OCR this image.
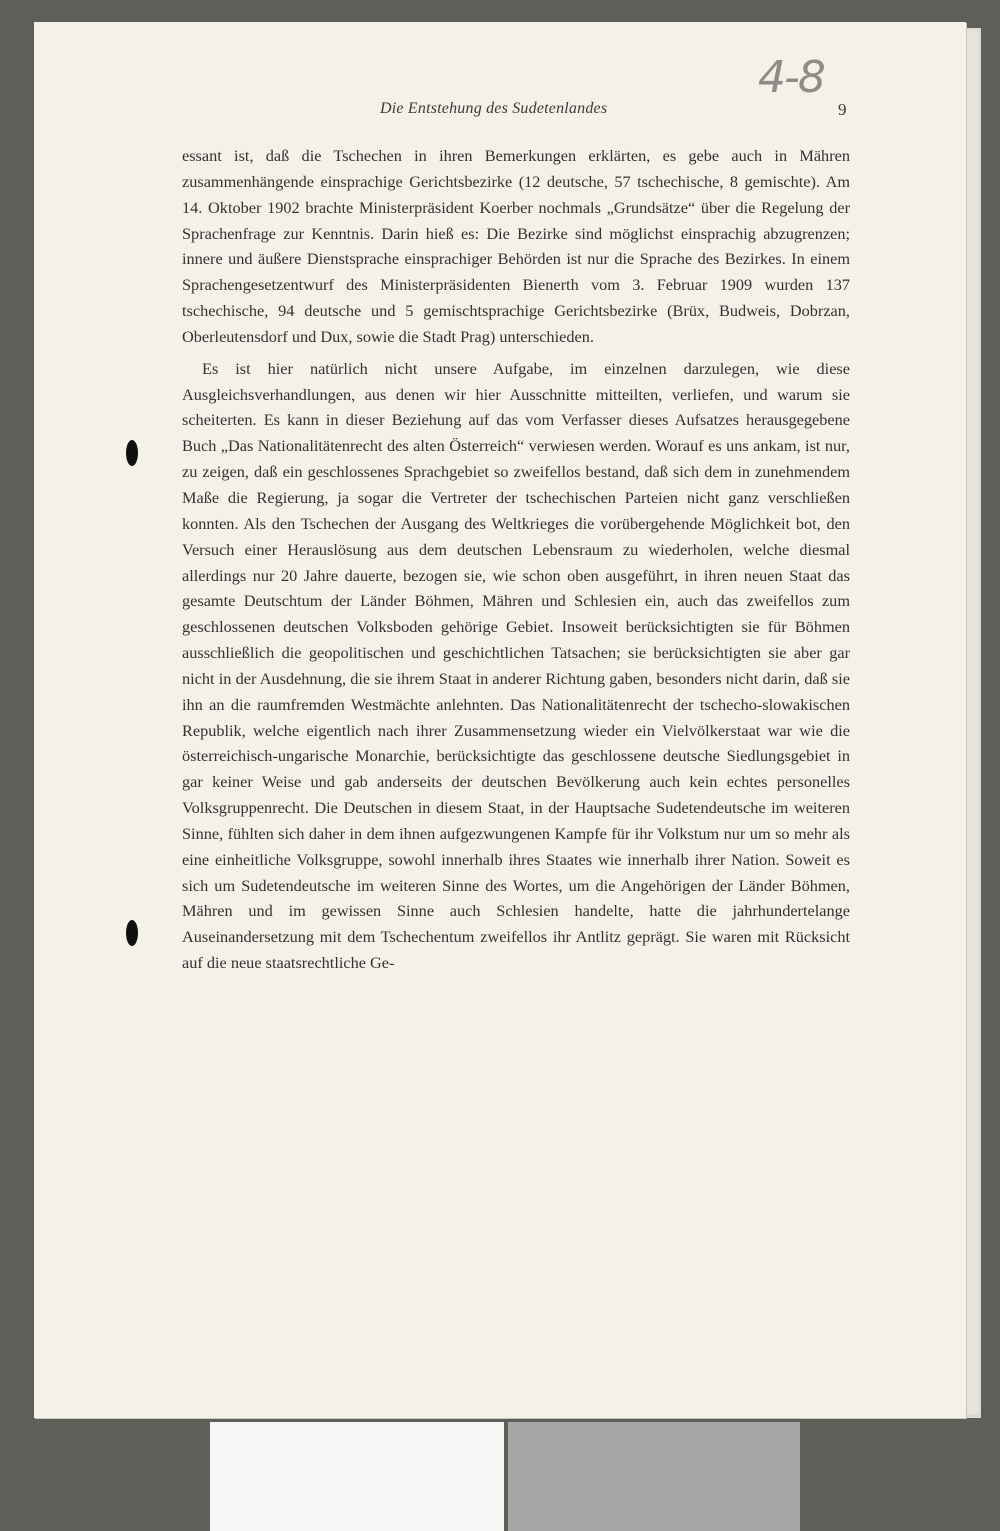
4-8
Die Entstehung des Sudetenlandes	9

essant ist, daß die Tschechen in ihren Bemerkungen erklärten, es gebe auch in Mähren zusammenhängende einsprachige Gerichtsbezirke (12 deutsche, 57 tschechische, 8 gemischte). Am 14. Oktober 1902 brachte Ministerpräsident Koerber nochmals „Grundsätze“ über die Regelung der Sprachenfrage zur Kenntnis. Darin hieß es: Die Bezirke sind möglichst einsprachig abzugrenzen; innere und äußere Dienstsprache einsprachiger Behörden ist nur die Sprache des Bezirkes. In einem Sprachengesetzentwurf des Ministerpräsidenten Bienerth vom 3. Februar 1909 wurden 137 tschechische, 94 deutsche und 5 gemischtsprachige Gerichtsbezirke (Brüx, Budweis, Dobrzan, Oberleutensdorf und Dux, sowie die Stadt Prag) unterschieden.

Es ist hier natürlich nicht unsere Aufgabe, im einzelnen darzulegen, wie diese Ausgleichsverhandlungen, aus denen wir hier Ausschnitte mitteilten, verliefen, und warum sie scheiterten. Es kann in dieser Beziehung auf das vom Verfasser dieses Aufsatzes herausgegebene Buch „Das Nationalitätenrecht des alten Österreich“ verwiesen werden. Worauf es uns ankam, ist nur, zu zeigen, daß ein geschlossenes Sprachgebiet so zweifellos bestand, daß sich dem in zunehmendem Maße die Regierung, ja sogar die Vertreter der tschechischen Parteien nicht ganz verschließen konnten. Als den Tschechen der Ausgang des Weltkrieges die vorübergehende Möglichkeit bot, den Versuch einer Herauslösung aus dem deutschen Lebensraum zu wiederholen, welche diesmal allerdings nur 20 Jahre dauerte, bezogen sie, wie schon oben ausgeführt, in ihren neuen Staat das gesamte Deutschtum der Länder Böhmen, Mähren und Schlesien ein, auch das zweifellos zum geschlossenen deutschen Volksboden gehörige Gebiet. Insoweit berücksichtigten sie für Böhmen ausschließlich die geopolitischen und geschichtlichen Tatsachen; sie berücksichtigten sie aber gar nicht in der Ausdehnung, die sie ihrem Staat in anderer Richtung gaben, besonders nicht darin, daß sie ihn an die raumfremden Westmächte anlehnten. Das Nationalitätenrecht der tschecho-slowakischen Republik, welche eigentlich nach ihrer Zusammensetzung wieder ein Vielvölkerstaat war wie die österreichisch-ungarische Monarchie, berücksichtigte das geschlossene deutsche Siedlungsgebiet in gar keiner Weise und gab anderseits der deutschen Bevölkerung auch kein echtes personelles Volksgruppenrecht. Die Deutschen in diesem Staat, in der Hauptsache Sudetendeutsche im weiteren Sinne, fühlten sich daher in dem ihnen aufgezwungenen Kampfe für ihr Volkstum nur um so mehr als eine einheitliche Volksgruppe, sowohl innerhalb ihres Staates wie innerhalb ihrer Nation. Soweit es sich um Sudetendeutsche im weiteren Sinne des Wortes, um die Angehörigen der Länder Böhmen, Mähren und im gewissen Sinne auch Schlesien handelte, hatte die jahrhundertelange Auseinandersetzung mit dem Tschechentum zweifellos ihr Antlitz geprägt. Sie waren mit Rücksicht auf die neue staatsrechtliche Ge-
